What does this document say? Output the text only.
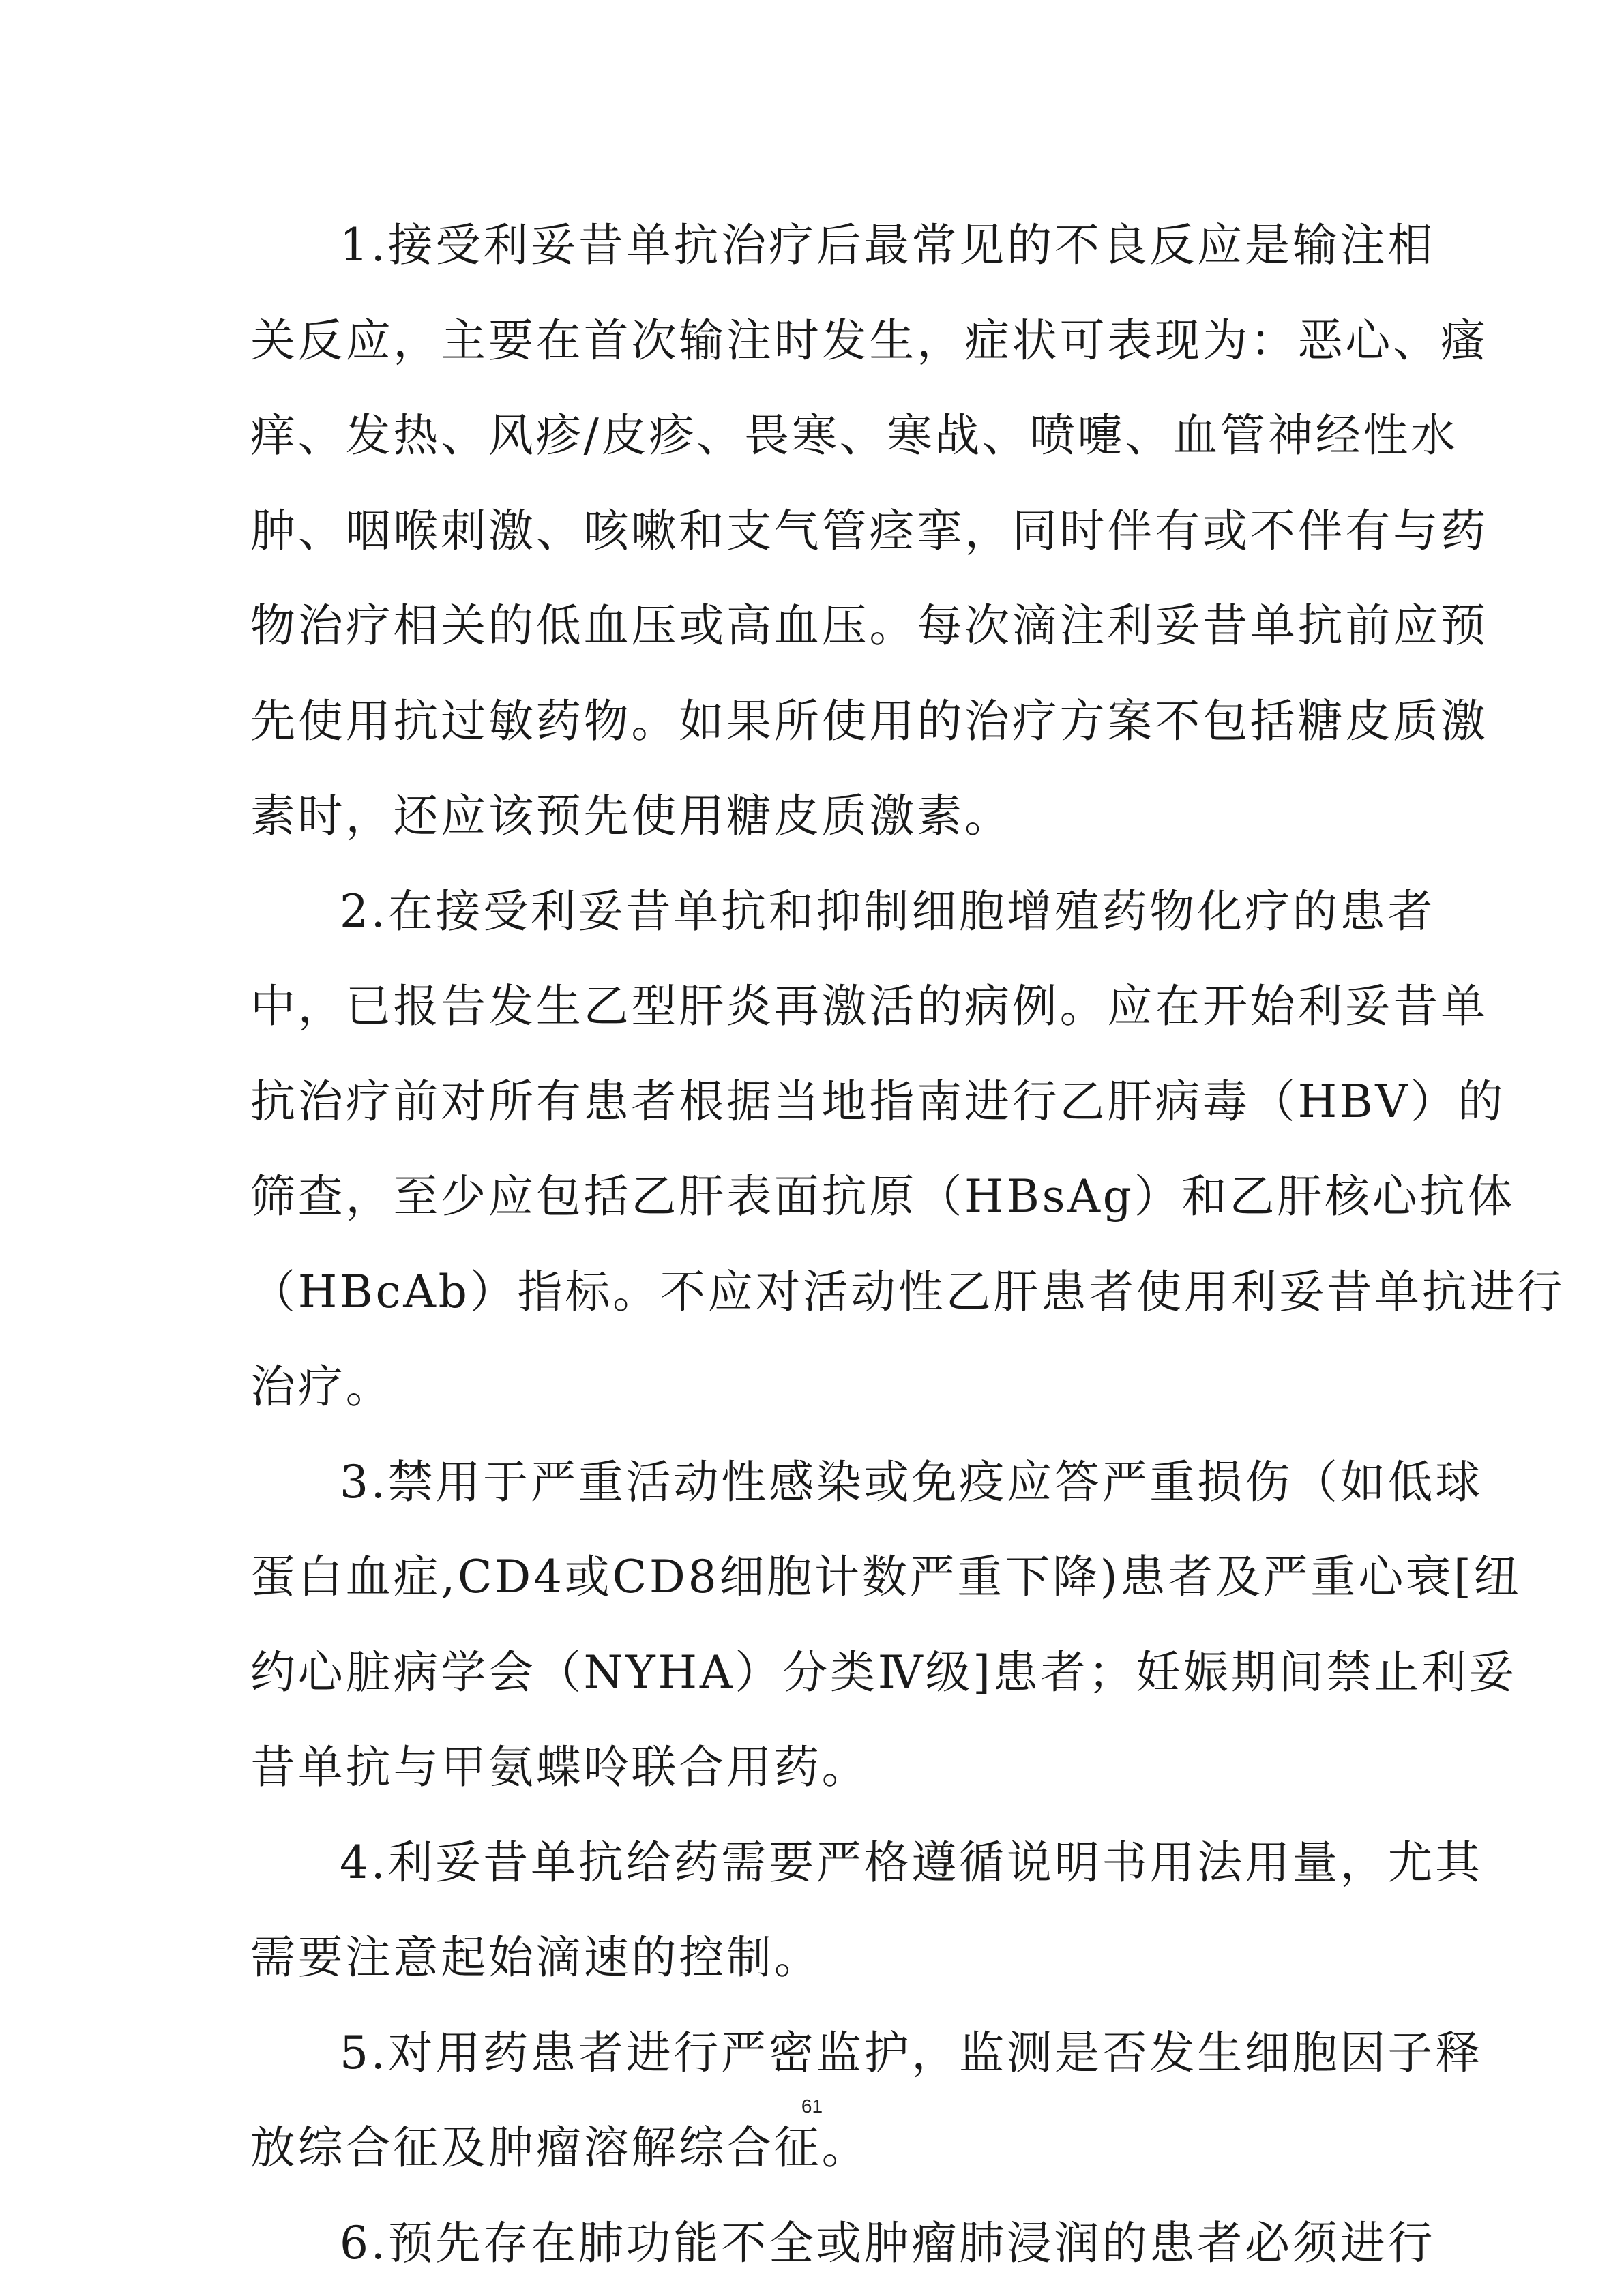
1.接受利妥昔单抗治疗后最常见的不良反应是输注相
关反应，主要在首次输注时发生，症状可表现为：恶心、瘙
痒、发热、风疹/皮疹、畏寒、寒战、喷嚏、血管神经性水
肿、咽喉刺激、咳嗽和支气管痉挛，同时伴有或不伴有与药
物治疗相关的低血压或高血压。每次滴注利妥昔单抗前应预
先使用抗过敏药物。如果所使用的治疗方案不包括糖皮质激
素时，还应该预先使用糖皮质激素。
2.在接受利妥昔单抗和抑制细胞增殖药物化疗的患者
中，已报告发生乙型肝炎再激活的病例。应在开始利妥昔单
抗治疗前对所有患者根据当地指南进行乙肝病毒（HBV）的
筛查，至少应包括乙肝表面抗原（HBsAg）和乙肝核心抗体
（HBcAb）指标。不应对活动性乙肝患者使用利妥昔单抗进行
治疗。
3.禁用于严重活动性感染或免疫应答严重损伤（如低球
蛋白血症,CD4或CD8细胞计数严重下降)患者及严重心衰[纽
约心脏病学会（NYHA）分类Ⅳ级]患者；妊娠期间禁止利妥
昔单抗与甲氨蝶呤联合用药。
4.利妥昔单抗给药需要严格遵循说明书用法用量，尤其
需要注意起始滴速的控制。
5.对用药患者进行严密监护，监测是否发生细胞因子释
放综合征及肿瘤溶解综合征。
6.预先存在肺功能不全或肿瘤肺浸润的患者必须进行
61
